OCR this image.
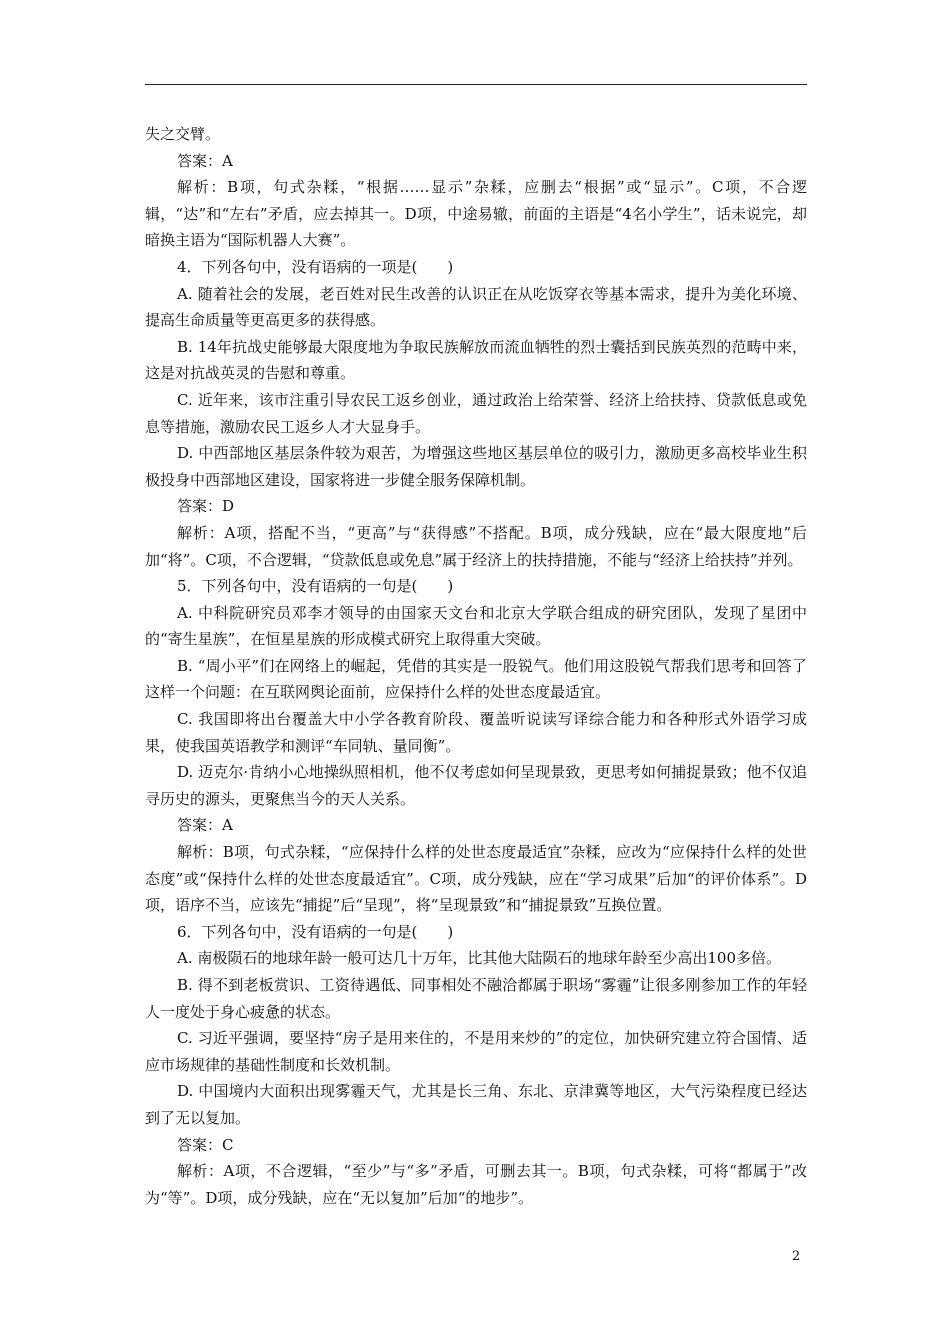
失之交臂。

答案：A

解析：B项，句式杂糅，“根据……显示”杂糅，应删去“根据”或“显示”。C项，不合逻辑，“达”和“左右”矛盾，应去掉其一。D项，中途易辙，前面的主语是“4名小学生”，话未说完，却暗换主语为“国际机器人大赛”。

4．下列各句中，没有语病的一项是(　　)

A. 随着社会的发展，老百姓对民生改善的认识正在从吃饭穿衣等基本需求，提升为美化环境、提高生命质量等更高更多的获得感。

B. 14年抗战史能够最大限度地为争取民族解放而流血牺牲的烈士囊括到民族英烈的范畴中来，这是对抗战英灵的告慰和尊重。

C. 近年来，该市注重引导农民工返乡创业，通过政治上给荣誉、经济上给扶持、贷款低息或免息等措施，激励农民工返乡人才大显身手。

D. 中西部地区基层条件较为艰苦，为增强这些地区基层单位的吸引力，激励更多高校毕业生积极投身中西部地区建设，国家将进一步健全服务保障机制。

答案：D

解析：A项，搭配不当，“更高”与“获得感”不搭配。B项，成分残缺，应在“最大限度地”后加“将”。C项，不合逻辑，“贷款低息或免息”属于经济上的扶持措施，不能与“经济上给扶持”并列。

5．下列各句中，没有语病的一句是(　　)

A. 中科院研究员邓李才领导的由国家天文台和北京大学联合组成的研究团队，发现了星团中的“寄生星族”，在恒星星族的形成模式研究上取得重大突破。

B. “周小平”们在网络上的崛起，凭借的其实是一股锐气。他们用这股锐气帮我们思考和回答了这样一个问题：在互联网舆论面前，应保持什么样的处世态度最适宜。

C. 我国即将出台覆盖大中小学各教育阶段、覆盖听说读写译综合能力和各种形式外语学习成果，使我国英语教学和测评“车同轨、量同衡”。

D. 迈克尔·肯纳小心地操纵照相机，他不仅考虑如何呈现景致，更思考如何捕捉景致；他不仅追寻历史的源头，更聚焦当今的天人关系。

答案：A

解析：B项，句式杂糅，“应保持什么样的处世态度最适宜”杂糅，应改为“应保持什么样的处世态度”或“保持什么样的处世态度最适宜”。C项，成分残缺，应在“学习成果”后加“的评价体系”。D项，语序不当，应该先“捕捉”后“呈现”，将“呈现景致”和“捕捉景致”互换位置。

6．下列各句中，没有语病的一句是(　　)

A. 南极陨石的地球年龄一般可达几十万年，比其他大陆陨石的地球年龄至少高出100多倍。

B. 得不到老板赏识、工资待遇低、同事相处不融洽都属于职场“雾霾”让很多刚参加工作的年轻人一度处于身心疲惫的状态。

C. 习近平强调，要坚持“房子是用来住的，不是用来炒的”的定位，加快研究建立符合国情、适应市场规律的基础性制度和长效机制。

D. 中国境内大面积出现雾霾天气，尤其是长三角、东北、京津冀等地区，大气污染程度已经达到了无以复加。

答案：C

解析：A项，不合逻辑，“至少”与“多”矛盾，可删去其一。B项，句式杂糅，可将“都属于”改为“等”。D项，成分残缺，应在“无以复加”后加“的地步”。

2
